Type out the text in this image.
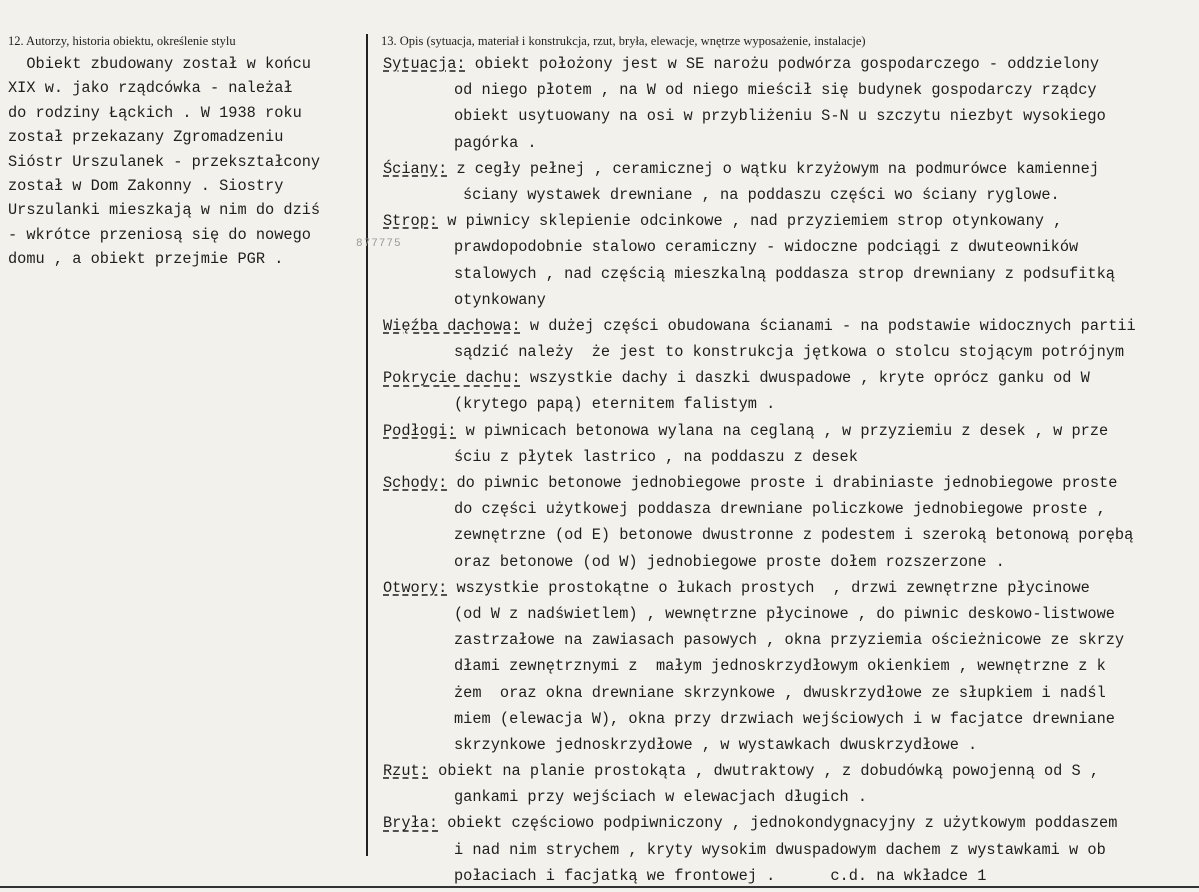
12. Autorzy, historia obiektu, określenie stylu	13. Opis (sytuacja, materiał i konstrukcja, rzut, bryła, elewacje, wnętrze wyposażenie, instalacje)
Obiekt zbudowany został w końcu
XIX w. jako rządcówka - należał
do rodziny Łąckich . W 1938 roku
został przekazany Zgromadzeniu
Sióstr Urszulanek - przekształcony
został w Dom Zakonny . Siostry
Urszulanki mieszkają w nim do dziś
- wkrótce przeniosą się do nowego
domu , a obiekt przejmie PGR .
877775
Sytuacja: obiekt położony jest w SE narożu podwórza gospodarczego - oddzielony
od niego płotem , na W od niego mieścił się budynek gospodarczy rządcy
obiekt usytuowany na osi w przybliżeniu S-N u szczytu niezbyt wysokiego
pagórka .
Ściany: z cegły pełnej , ceramicznej o wątku krzyżowym na podmurówce kamiennej
ściany wystawek drewniane , na poddaszu części wo ściany ryglowe.
Strop: w piwnicy sklepienie odcinkowe , nad przyziemiem strop otynkowany ,
prawdopodobnie stalowo ceramiczny - widoczne podciągi z dwuteowników
stalowych , nad częścią mieszkalną poddasza strop drewniany z podsufitką
otynkowany
Więźba dachowa: w dużej części obudowana ścianami - na podstawie widocznych partii
sądzić należy  że jest to konstrukcja jętkowa o stolcu stojącym potrójnym
Pokrycie dachu: wszystkie dachy i daszki dwuspadowe , kryte oprócz ganku od W
(krytego papą) eternitem falistym .
Podłogi: w piwnicach betonowa wylana na ceglaną , w przyziemiu z desek , w prze
ściu z płytek lastrico , na poddaszu z desek
Schody: do piwnic betonowe jednobiegowe proste i drabiniaste jednobiegowe proste
do części użytkowej poddasza drewniane policzkowe jednobiegowe proste ,
zewnętrzne (od E) betonowe dwustronne z podestem i szeroką betonową porębą
oraz betonowe (od W) jednobiegowe proste dołem rozszerzone .
Otwory: wszystkie prostokątne o łukach prostych  , drzwi zewnętrzne płycinowe
(od W z nadświetlem) , wewnętrzne płycinowe , do piwnic deskowo-listwowe
zastrzałowe na zawiasach pasowych , okna przyziemia ościeżnicowe ze skrzy
dłami zewnętrznymi z  małym jednoskrzydłowym okienkiem , wewnętrzne z k
żem  oraz okna drewniane skrzynkowe , dwuskrzydłowe ze słupkiem i nadśl
miem (elewacja W), okna przy drzwiach wejściowych i w facjatce drewniane
skrzynkowe jednoskrzydłowe , w wystawkach dwuskrzydłowe .
Rzut: obiekt na planie prostokąta , dwutraktowy , z dobudówką powojenną od S ,
gankami przy wejściach w elewacjach długich .
Bryła: obiekt częściowo podpiwniczony , jednokondygnacyjny z użytkowym poddaszem
i nad nim strychem , kryty wysokim dwuspadowym dachem z wystawkami w ob
połaciach i facjatką we frontowej .      c.d. na wkładce 1
